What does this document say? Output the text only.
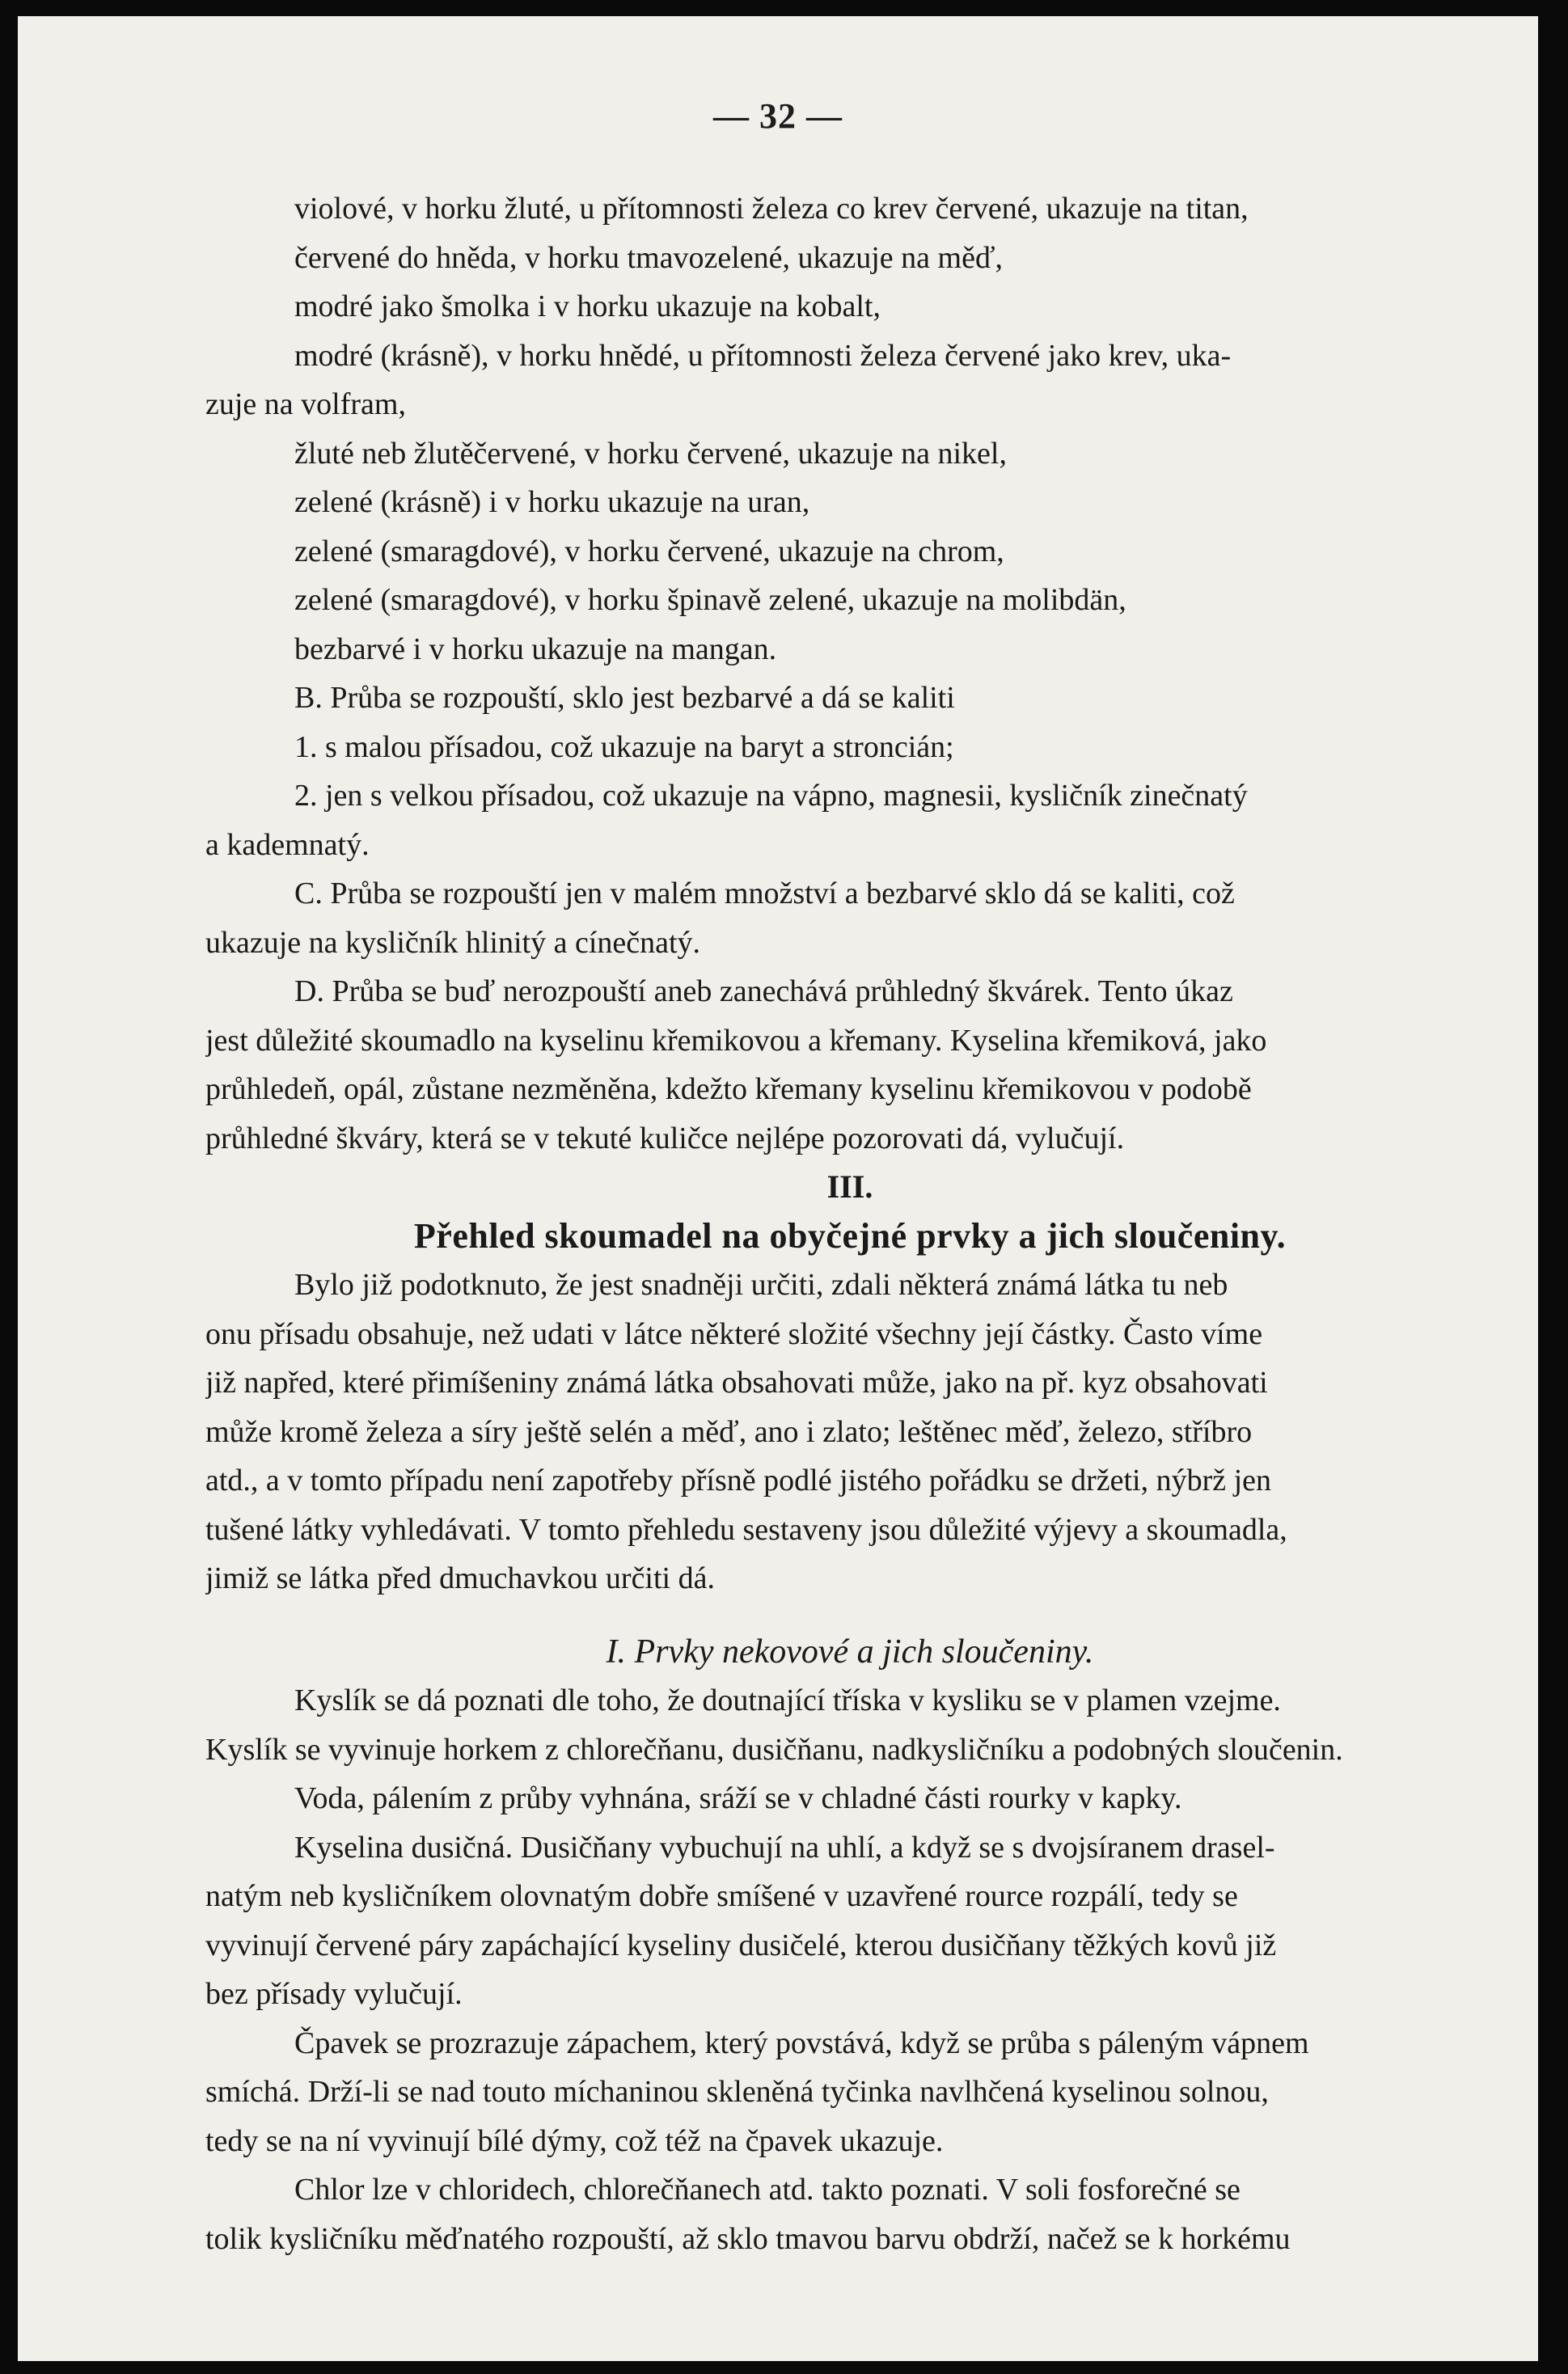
— 32 —
violové, v horku žluté, u přítomnosti železa co krev červené, ukazuje na titan,
červené do hněda, v horku tmavozelené, ukazuje na měď,
modré jako šmolka i v horku ukazuje na kobalt,
modré (krásně), v horku hnědé, u přítomnosti železa červené jako krev, uka-
zuje na volfram,
žluté neb žlutěčervené, v horku červené, ukazuje na nikel,
zelené (krásně) i v horku ukazuje na uran,
zelené (smaragdové), v horku červené, ukazuje na chrom,
zelené (smaragdové), v horku špinavě zelené, ukazuje na molibdän,
bezbarvé i v horku ukazuje na mangan.
B. Průba se rozpouští, sklo jest bezbarvé a dá se kaliti
1. s malou přísadou, což ukazuje na baryt a stroncián;
2. jen s velkou přísadou, což ukazuje na vápno, magnesii, kysličník zinečnatý
a kademnatý.
C. Průba se rozpouští jen v malém množství a bezbarvé sklo dá se kaliti, což
ukazuje na kysličník hlinitý a cínečnatý.
D. Průba se buď nerozpouští aneb zanechává průhledný škvárek. Tento úkaz
jest důležité skoumadlo na kyselinu křemikovou a křemany. Kyselina křemiková, jako
průhledeň, opál, zůstane nezměněna, kdežto křemany kyselinu křemikovou v podobě
průhledné škváry, která se v tekuté kuličce nejlépe pozorovati dá, vylučují.
III.
Přehled skoumadel na obyčejné prvky a jich sloučeniny.
Bylo již podotknuto, že jest snadněji určiti, zdali některá známá látka tu neb
onu přísadu obsahuje, než udati v látce některé složité všechny její částky. Často víme
již napřed, které přimíšeniny známá látka obsahovati může, jako na př. kyz obsahovati
může kromě železa a síry ještě selén a měď, ano i zlato; leštěnec měď, železo, stříbro
atd., a v tomto případu není zapotřeby přísně podlé jistého pořádku se držeti, nýbrž jen
tušené látky vyhledávati. V tomto přehledu sestaveny jsou důležité výjevy a skoumadla,
jimiž se látka před dmuchavkou určiti dá.
I. Prvky nekovové a jich sloučeniny.
Kyslík se dá poznati dle toho, že doutnající tříska v kysliku se v plamen vzejme.
Kyslík se vyvinuje horkem z chlorečňanu, dusičňanu, nadkysličníku a podobných sloučenin.
Voda, pálením z průby vyhnána, sráží se v chladné části rourky v kapky.
Kyselina dusičná. Dusičňany vybuchují na uhlí, a když se s dvojsíranem drasel-
natým neb kysličníkem olovnatým dobře smíšené v uzavřené rource rozpálí, tedy se
vyvinují červené páry zapáchající kyseliny dusičelé, kterou dusičňany těžkých kovů již
bez přísady vylučují.
Čpavek se prozrazuje zápachem, který povstává, když se průba s páleným vápnem
smíchá. Drží-li se nad touto míchaninou skleněná tyčinka navlhčená kyselinou solnou,
tedy se na ní vyvinují bílé dýmy, což též na čpavek ukazuje.
Chlor lze v chloridech, chlorečňanech atd. takto poznati. V soli fosforečné se
tolik kysličníku měďnatého rozpouští, až sklo tmavou barvu obdrží, načež se k horkému
